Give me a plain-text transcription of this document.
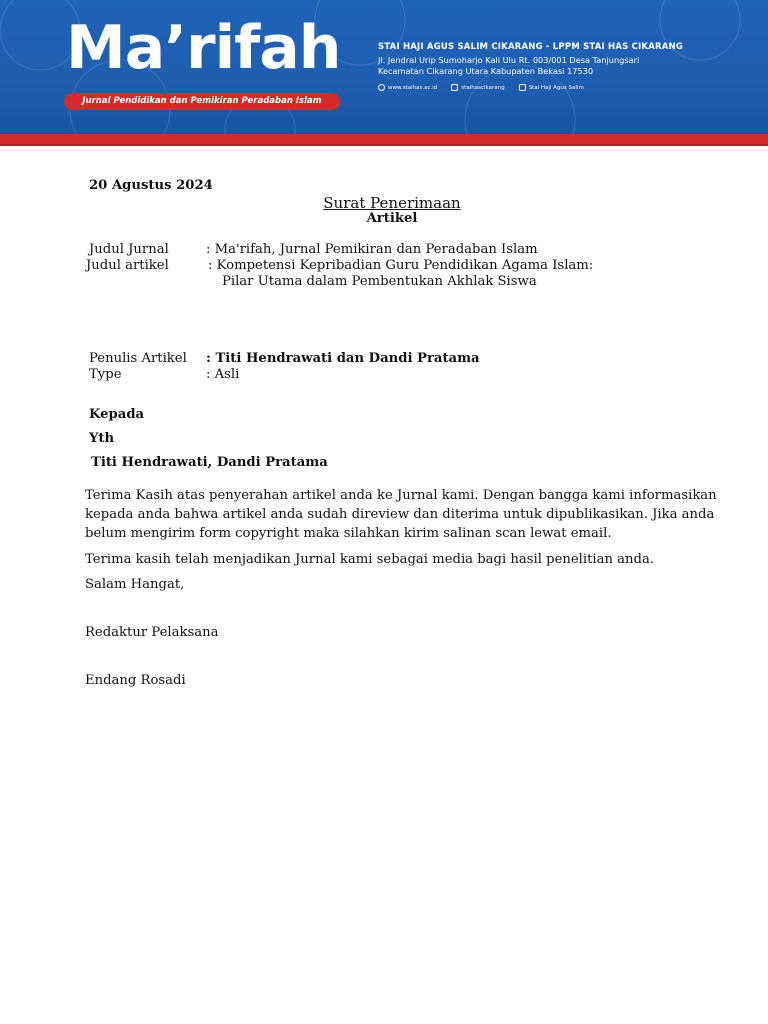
Ma’rifah
Jurnal Pendidikan dan Pemikiran Peradaban Islam
STAI HAJI AGUS SALIM CIKARANG - LPPM STAI HAS CIKARANG
Jl. Jendral Urip Sumoharjo Kali Ulu Rt. 003/001 Desa Tanjungsari
Kecamatan Cikarang Utara Kabupaten Bekasi 17530
www.staihas.ac.id	staihascikarang	Stai Haji Agus Salim
20 Agustus 2024
Surat Penerimaan
Artikel
Judul Jurnal	: Ma'rifah, Jurnal Pemikiran dan Peradaban Islam
Judul artikel	: Kompetensi Kepribadian Guru Pendidikan Agama Islam:
Pilar Utama dalam Pembentukan Akhlak Siswa
Penulis Artikel : Titi Hendrawati dan Dandi Pratama
Type	: Asli
Kepada
Yth
Titi Hendrawati, Dandi Pratama
Terima Kasih atas penyerahan artikel anda ke Jurnal kami. Dengan bangga kami informasikan kepada anda bahwa artikel anda sudah direview dan diterima untuk dipublikasikan. Jika anda belum mengirim form copyright maka silahkan kirim salinan scan lewat email.
Terima kasih telah menjadikan Jurnal kami sebagai media bagi hasil penelitian anda.
Salam Hangat,
Redaktur Pelaksana
Endang Rosadi
